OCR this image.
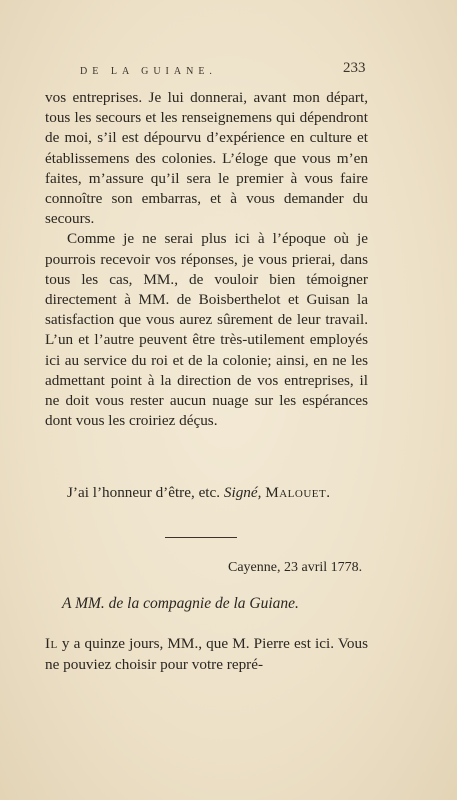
DE LA GUIANE.	233

vos entreprises. Je lui donnerai, avant mon départ, tous les secours et les renseignemens qui dépendront de moi, s’il est dépourvu d’expérience en culture et établissemens des colonies. L’éloge que vous m’en faites, m’assure qu’il sera le premier à vous faire connoître son embarras, et à vous demander du secours.

Comme je ne serai plus ici à l’époque où je pourrois recevoir vos réponses, je vous prierai, dans tous les cas, MM., de vouloir bien témoigner directement à MM. de Boisberthelot et Guisan la satisfaction que vous aurez sûrement de leur travail. L’un et l’autre peuvent être très-utilement employés ici au service du roi et de la colonie; ainsi, en ne les admettant point à la direction de vos entreprises, il ne doit vous rester aucun nuage sur les espérances dont vous les croiriez déçus.

J’ai l’honneur d’être, etc. Signé, Malouet.
Cayenne, 23 avril 1778.
A MM. de la compagnie de la Guiane.

Il y a quinze jours, MM., que M. Pierre est ici. Vous ne pouviez choisir pour votre repré-
